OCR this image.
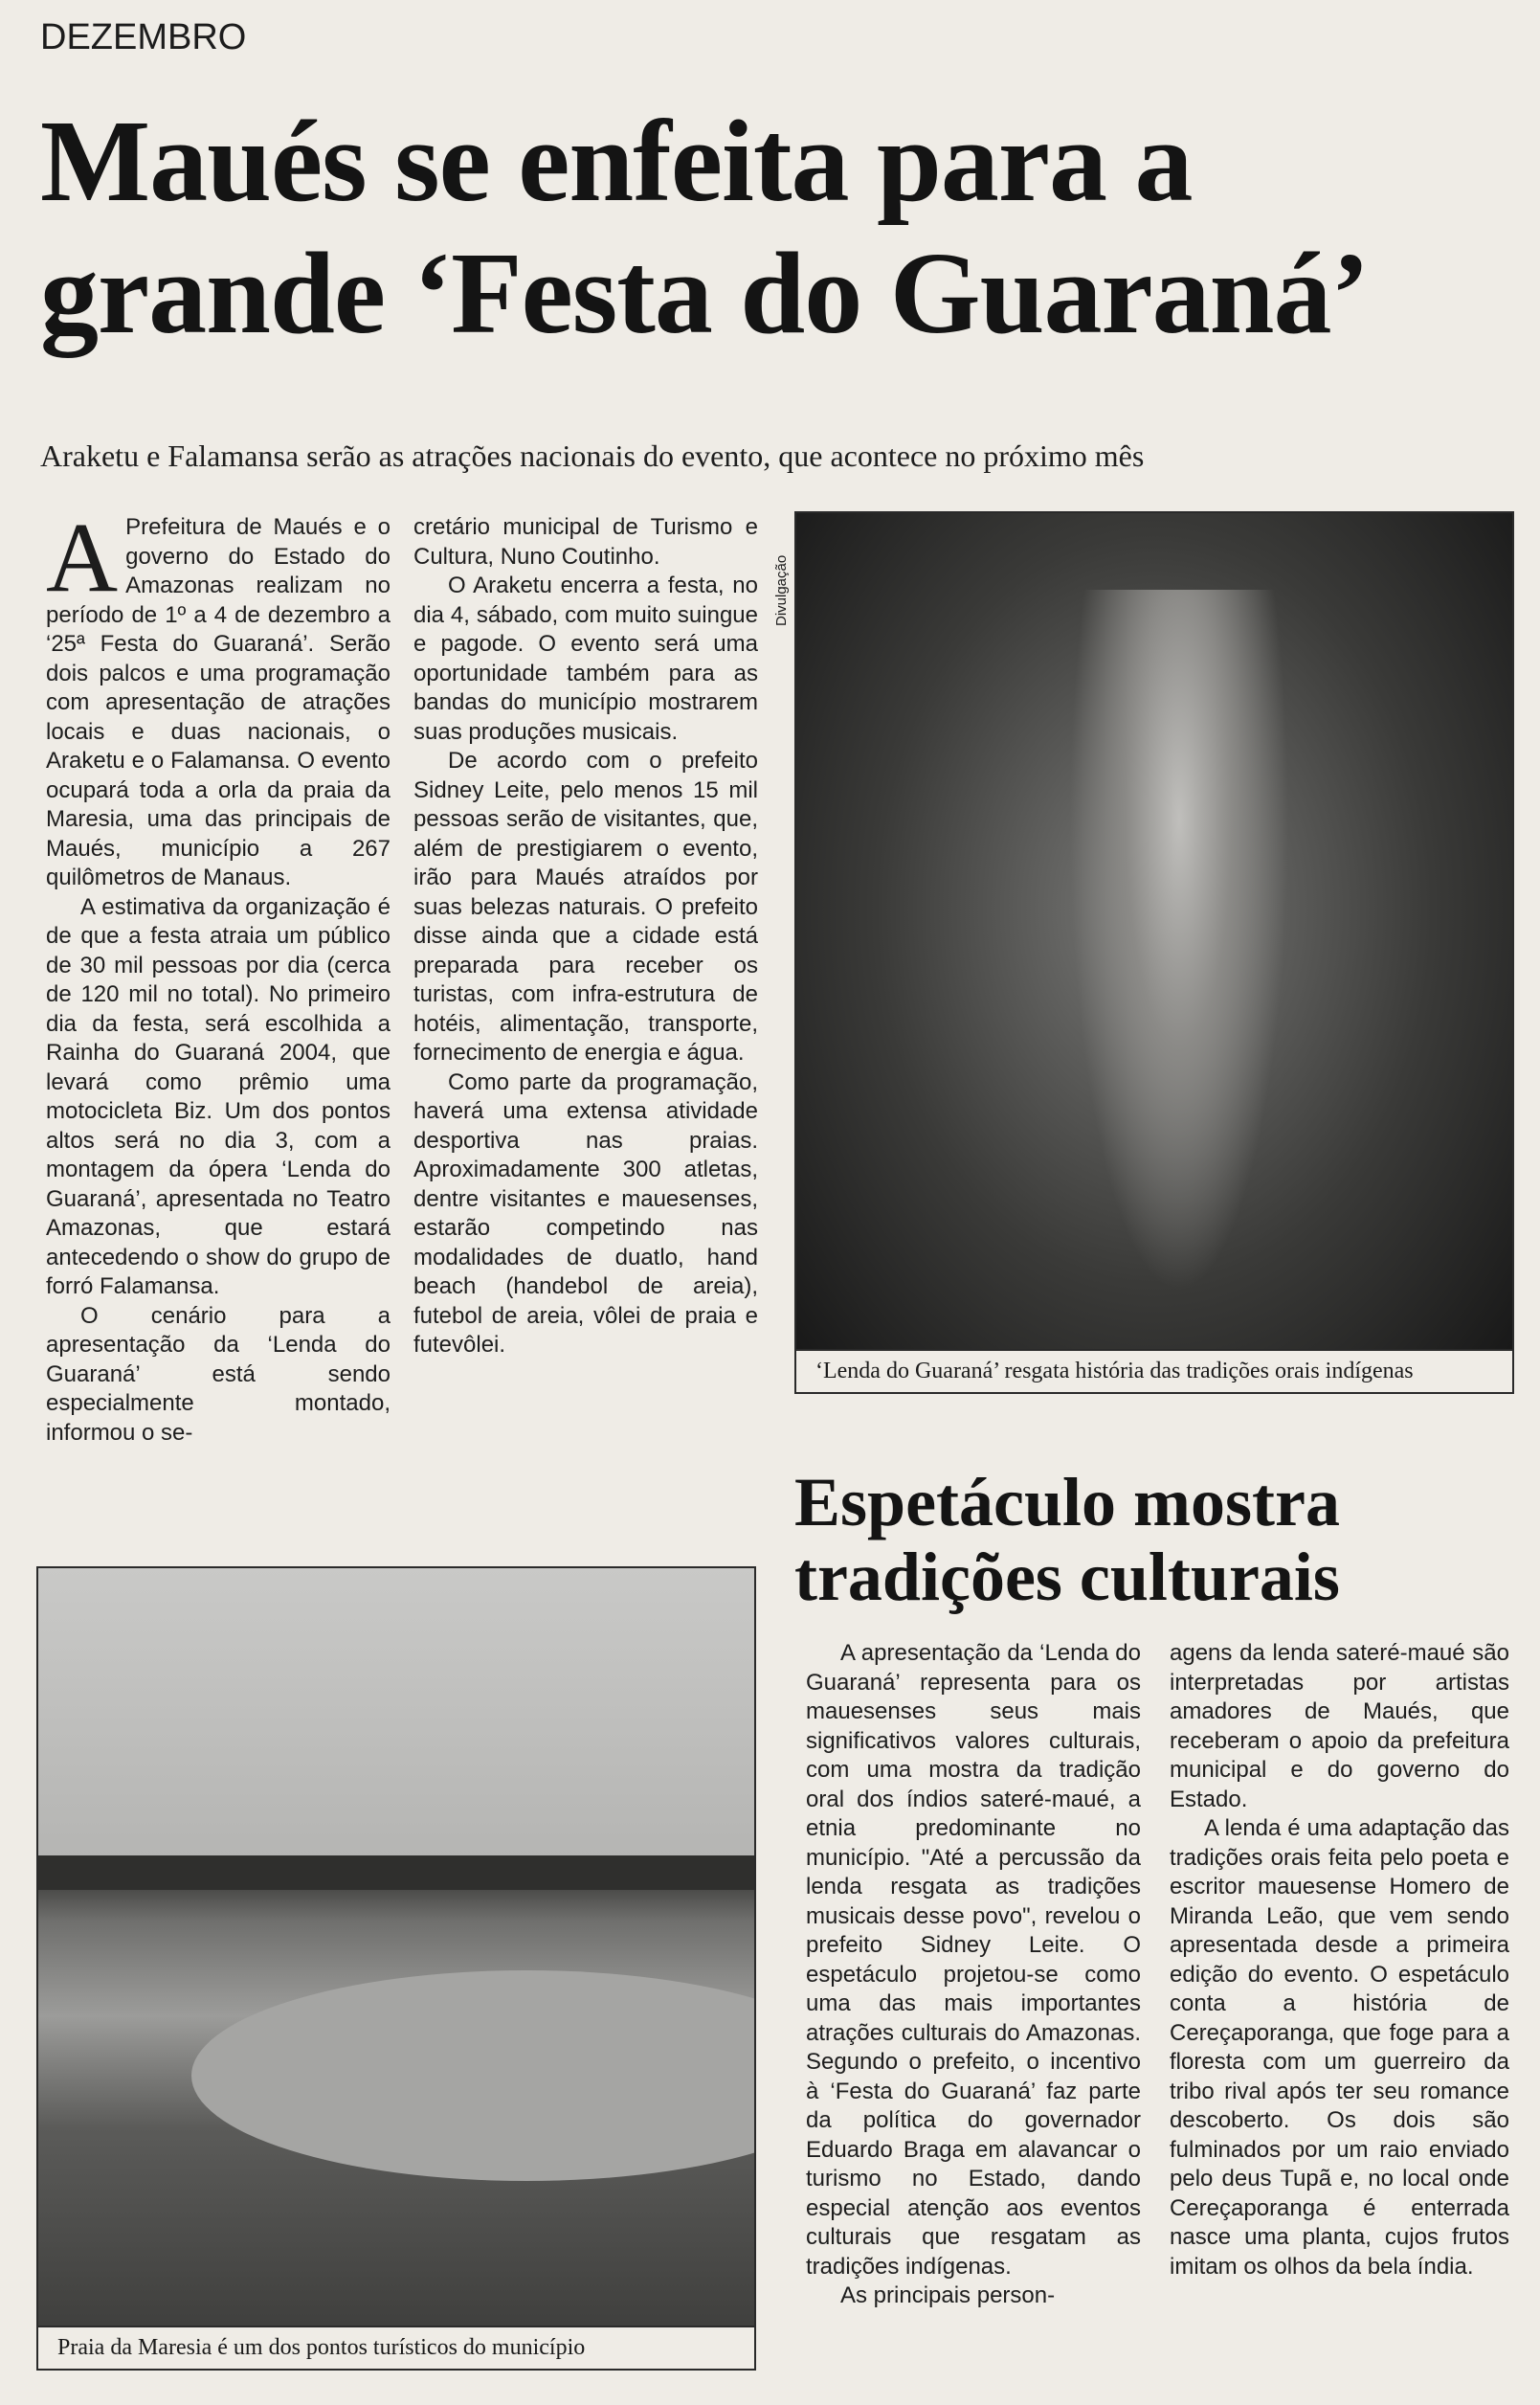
DEZEMBRO
Maués se enfeita para a grande ‘Festa do Guaraná’
Araketu e Falamansa serão as atrações nacionais do evento, que acontece no próximo mês

A Prefeitura de Maués e o governo do Estado do Amazonas realizam no período de 1º a 4 de dezembro a ‘25ª Festa do Guaraná’. Serão dois palcos e uma programação com apresentação de atrações locais e duas nacionais, o Araketu e o Falamansa. O evento ocupará toda a orla da praia da Maresia, uma das principais de Maués, município a 267 quilômetros de Manaus.

A estimativa da organização é de que a festa atraia um público de 30 mil pessoas por dia (cerca de 120 mil no total). No primeiro dia da festa, será escolhida a Rainha do Guaraná 2004, que levará como prêmio uma motocicleta Biz. Um dos pontos altos será no dia 3, com a montagem da ópera ‘Lenda do Guaraná’, apresentada no Teatro Amazonas, que estará antecedendo o show do grupo de forró Falamansa.

O cenário para a apresentação da ‘Lenda do Guaraná’ está sendo especialmente montado, informou o se-

cretário municipal de Turismo e Cultura, Nuno Coutinho.

O Araketu encerra a festa, no dia 4, sábado, com muito suingue e pagode. O evento será uma oportunidade também para as bandas do município mostrarem suas produções musicais.

De acordo com o prefeito Sidney Leite, pelo menos 15 mil pessoas serão de visitantes, que, além de prestigiarem o evento, irão para Maués atraídos por suas belezas naturais. O prefeito disse ainda que a cidade está preparada para receber os turistas, com infra-estrutura de hotéis, alimentação, transporte, fornecimento de energia e água.

Como parte da programação, haverá uma extensa atividade desportiva nas praias. Aproximadamente 300 atletas, dentre visitantes e mauesenses, estarão competindo nas modalidades de duatlo, hand beach (handebol de areia), futebol de areia, vôlei de praia e futevôlei.

Divulgação
‘Lenda do Guaraná’ resgata história das tradições orais indígenas
Praia da Maresia é um dos pontos turísticos do município
Espetáculo mostra tradições culturais

A apresentação da ‘Lenda do Guaraná’ representa para os mauesenses seus mais significativos valores culturais, com uma mostra da tradição oral dos índios sateré-maué, a etnia predominante no município. "Até a percussão da lenda resgata as tradições musicais desse povo", revelou o prefeito Sidney Leite. O espetáculo projetou-se como uma das mais importantes atrações culturais do Amazonas. Segundo o prefeito, o incentivo à ‘Festa do Guaraná’ faz parte da política do governador Eduardo Braga em alavancar o turismo no Estado, dando especial atenção aos eventos culturais que resgatam as tradições indígenas.

As principais person-

agens da lenda sateré-maué são interpretadas por artistas amadores de Maués, que receberam o apoio da prefeitura municipal e do governo do Estado.

A lenda é uma adaptação das tradições orais feita pelo poeta e escritor mauesense Homero de Miranda Leão, que vem sendo apresentada desde a primeira edição do evento. O espetáculo conta a história de Cereçaporanga, que foge para a floresta com um guerreiro da tribo rival após ter seu romance descoberto. Os dois são fulminados por um raio enviado pelo deus Tupã e, no local onde Cereçaporanga é enterrada nasce uma planta, cujos frutos imitam os olhos da bela índia.
